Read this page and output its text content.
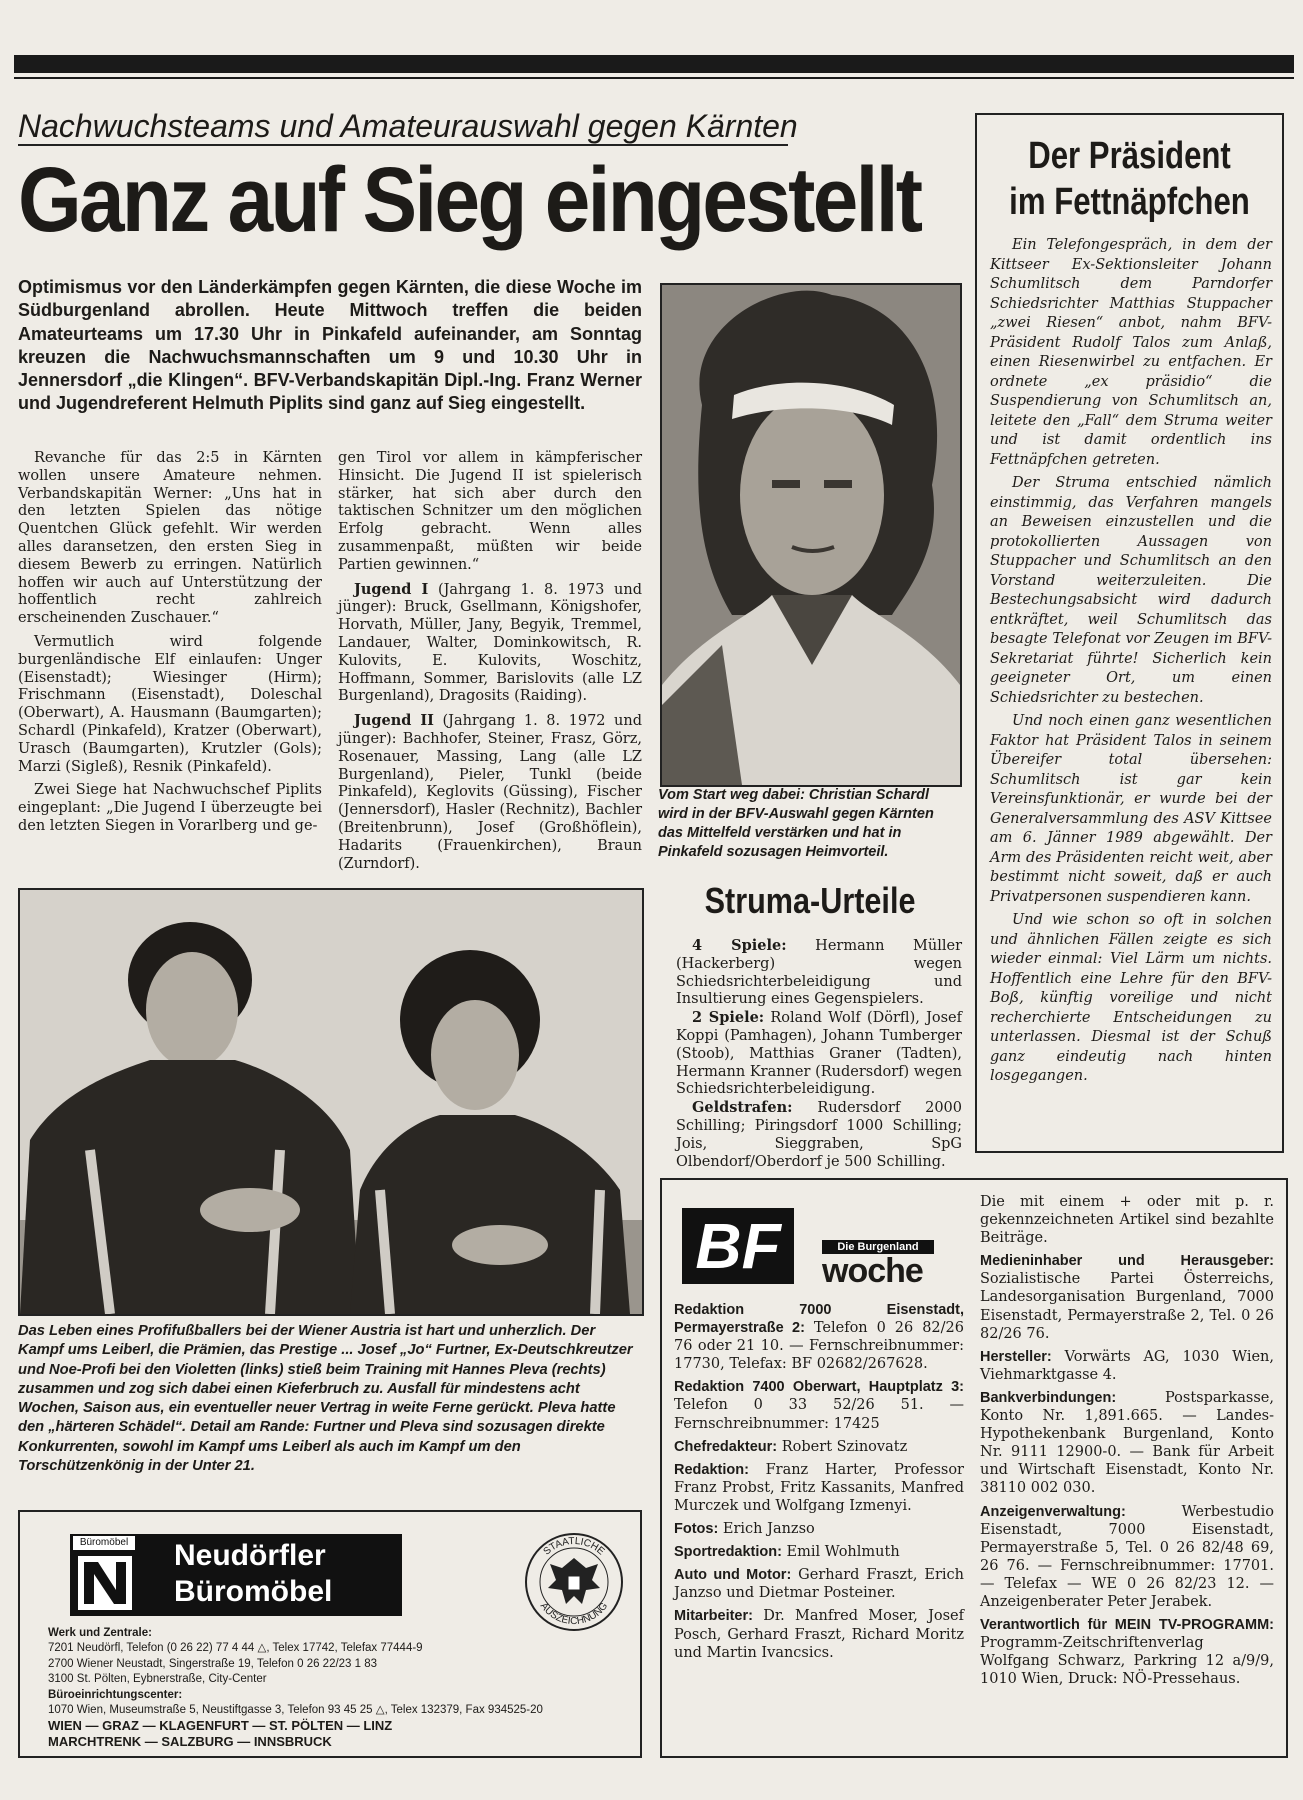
Nachwuchsteams und Amateurauswahl gegen Kärnten
Ganz auf Sieg eingestellt
Optimismus vor den Länderkämpfen gegen Kärnten, die diese Woche im Südburgenland abrollen. Heute Mittwoch treffen die beiden Amateurteams um 17.30 Uhr in Pinkafeld aufeinander, am Sonntag kreuzen die Nachwuchsmannschaften um 9 und 10.30 Uhr in Jennersdorf „die Klingen“. BFV-Verbandskapitän Dipl.-Ing. Franz Werner und Jugendreferent Helmuth Piplits sind ganz auf Sieg eingestellt.

Revanche für das 2:5 in Kärnten wollen unsere Amateure nehmen. Verbandskapitän Werner: „Uns hat in den letzten Spielen das nötige Quentchen Glück gefehlt. Wir werden alles daransetzen, den ersten Sieg in diesem Bewerb zu erringen. Natürlich hoffen wir auch auf Unterstützung der hoffentlich recht zahlreich erscheinenden Zuschauer.“

Vermutlich wird folgende burgenländische Elf einlaufen: Unger (Eisenstadt); Wiesinger (Hirm); Frischmann (Eisenstadt), Doleschal (Oberwart), A. Hausmann (Baumgarten); Schardl (Pinkafeld), Kratzer (Oberwart), Urasch (Baumgarten), Krutzler (Gols); Marzi (Sigleß), Resnik (Pinkafeld).

Zwei Siege hat Nachwuchschef Piplits eingeplant: „Die Jugend I überzeugte bei den letzten Siegen in Vorarlberg und ge-

gen Tirol vor allem in kämpferischer Hinsicht. Die Jugend II ist spielerisch stärker, hat sich aber durch den taktischen Schnitzer um den möglichen Erfolg gebracht. Wenn alles zusammenpaßt, müßten wir beide Partien gewinnen.“

Jugend I (Jahrgang 1. 8. 1973 und jünger): Bruck, Gsellmann, Königshofer, Horvath, Müller, Jany, Begyik, Tremmel, Landauer, Walter, Dominkowitsch, R. Kulovits, E. Kulovits, Woschitz, Hoffmann, Sommer, Barislovits (alle LZ Burgenland), Dragosits (Raiding).

Jugend II (Jahrgang 1. 8. 1972 und jünger): Bachhofer, Steiner, Frasz, Görz, Rosenauer, Massing, Lang (alle LZ Burgenland), Pieler, Tunkl (beide Pinkafeld), Keglovits (Güssing), Fischer (Jennersdorf), Hasler (Rechnitz), Bachler (Breitenbrunn), Josef (Großhöflein), Hadarits (Frauenkirchen), Braun (Zurndorf).

Vom Start weg dabei: Christian Schardl wird in der BFV-Auswahl gegen Kärnten das Mittelfeld verstärken und hat in Pinkafeld sozusagen Heimvorteil.
Der Präsident
im Fettnäpfchen

Ein Telefongespräch, in dem der Kittseer Ex-Sektionsleiter Johann Schumlitsch dem Parndorfer Schiedsrichter Matthias Stuppacher „zwei Riesen“ anbot, nahm BFV-Präsident Rudolf Talos zum Anlaß, einen Riesenwirbel zu entfachen. Er ordnete „ex präsidio“ die Suspendierung von Schumlitsch an, leitete den „Fall“ dem Struma weiter und ist damit ordentlich ins Fettnäpfchen getreten.

Der Struma entschied nämlich einstimmig, das Verfahren mangels an Beweisen einzustellen und die protokollierten Aussagen von Stuppacher und Schumlitsch an den Vorstand weiterzuleiten. Die Bestechungsabsicht wird dadurch entkräftet, weil Schumlitsch das besagte Telefonat vor Zeugen im BFV-Sekretariat führte! Sicherlich kein geeigneter Ort, um einen Schiedsrichter zu bestechen.

Und noch einen ganz wesentlichen Faktor hat Präsident Talos in seinem Übereifer total übersehen: Schumlitsch ist gar kein Vereinsfunktionär, er wurde bei der Generalversammlung des ASV Kittsee am 6. Jänner 1989 abgewählt. Der Arm des Präsidenten reicht weit, aber bestimmt nicht soweit, daß er auch Privatpersonen suspendieren kann.

Und wie schon so oft in solchen und ähnlichen Fällen zeigte es sich wieder einmal: Viel Lärm um nichts. Hoffentlich eine Lehre für den BFV-Boß, künftig voreilige und nicht recherchierte Entscheidungen zu unterlassen. Diesmal ist der Schuß ganz eindeutig nach hinten losgegangen.

Struma-Urteile

4 Spiele: Hermann Müller (Hackerberg) wegen Schiedsrichterbeleidigung und Insultierung eines Gegenspielers.

2 Spiele: Roland Wolf (Dörfl), Josef Koppi (Pamhagen), Johann Tumberger (Stoob), Matthias Graner (Tadten), Hermann Kranner (Rudersdorf) wegen Schiedsrichterbeleidigung.

Geldstrafen: Rudersdorf 2000 Schilling; Piringsdorf 1000 Schilling; Jois, Sieggraben, SpG Olbendorf/Oberdorf je 500 Schilling.

Das Leben eines Profifußballers bei der Wiener Austria ist hart und unherzlich. Der Kampf ums Leiberl, die Prämien, das Prestige ... Josef „Jo“ Furtner, Ex-Deutschkreutzer und Noe-Profi bei den Violetten (links) stieß beim Training mit Hannes Pleva (rechts) zusammen und zog sich dabei einen Kieferbruch zu. Ausfall für mindestens acht Wochen, Saison aus, ein eventueller neuer Vertrag in weite Ferne gerückt. Pleva hatte den „härteren Schädel“. Detail am Rande: Furtner und Pleva sind sozusagen direkte Konkurrenten, sowohl im Kampf ums Leiberl als auch im Kampf um den Torschützenkönig in der Unter 21.
Büromöbel Neudörfler
Büromöbel
STAATLICHE
AUSZEICHNUNG
Werk und Zentrale:
7201 Neudörfl, Telefon (0 26 22) 77 4 44 △, Telex 17742, Telefax 77444-9
2700 Wiener Neustadt, Singerstraße 19, Telefon 0 26 22/23 1 83
3100 St. Pölten, Eybnerstraße, City-Center
Büroeinrichtungscenter:
1070 Wien, Museumstraße 5, Neustiftgasse 3, Telefon 93 45 25 △, Telex 132379, Fax 934525-20
WIEN — GRAZ — KLAGENFURT — ST. PÖLTEN — LINZ
MARCHTRENK — SALZBURG — INNSBRUCK
BF	Die Burgenland
woche

Redaktion 7000 Eisenstadt, Permayerstraße 2: Telefon 0 26 82/26 76 oder 21 10. — Fernschreibnummer: 17730, Telefax: BF 02682/267628.

Redaktion 7400 Oberwart, Hauptplatz 3: Telefon 0 33 52/26 51. — Fernschreibnummer: 17425

Chefredakteur: Robert Szinovatz

Redaktion: Franz Harter, Professor Franz Probst, Fritz Kassanits, Manfred Murczek und Wolfgang Izmenyi.

Fotos: Erich Janzso

Sportredaktion: Emil Wohlmuth

Auto und Motor: Gerhard Fraszt, Erich Janzso und Dietmar Posteiner.

Mitarbeiter: Dr. Manfred Moser, Josef Posch, Gerhard Fraszt, Richard Moritz und Martin Ivancsics.

Die mit einem + oder mit p. r. gekennzeichneten Artikel sind bezahlte Beiträge.

Medieninhaber und Herausgeber: Sozialistische Partei Österreichs, Landesorganisation Burgenland, 7000 Eisenstadt, Permayerstraße 2, Tel. 0 26 82/26 76.

Hersteller: Vorwärts AG, 1030 Wien, Viehmarktgasse 4.

Bankverbindungen: Postsparkasse, Konto Nr. 1,891.665. — Landes-Hypothekenbank Burgenland, Konto Nr. 9111 12900-0. — Bank für Arbeit und Wirtschaft Eisenstadt, Konto Nr. 38110 002 030.

Anzeigenverwaltung: Werbestudio Eisenstadt, 7000 Eisenstadt, Permayerstraße 5, Tel. 0 26 82/48 69, 26 76. — Fernschreibnummer: 17701. — Telefax — WE 0 26 82/23 12. — Anzeigenberater Peter Jerabek.

Verantwortlich für MEIN TV-PROGRAMM: Programm-Zeitschriftenverlag Wolfgang Schwarz, Parkring 12 a/9/9, 1010 Wien, Druck: NÖ-Pressehaus.
